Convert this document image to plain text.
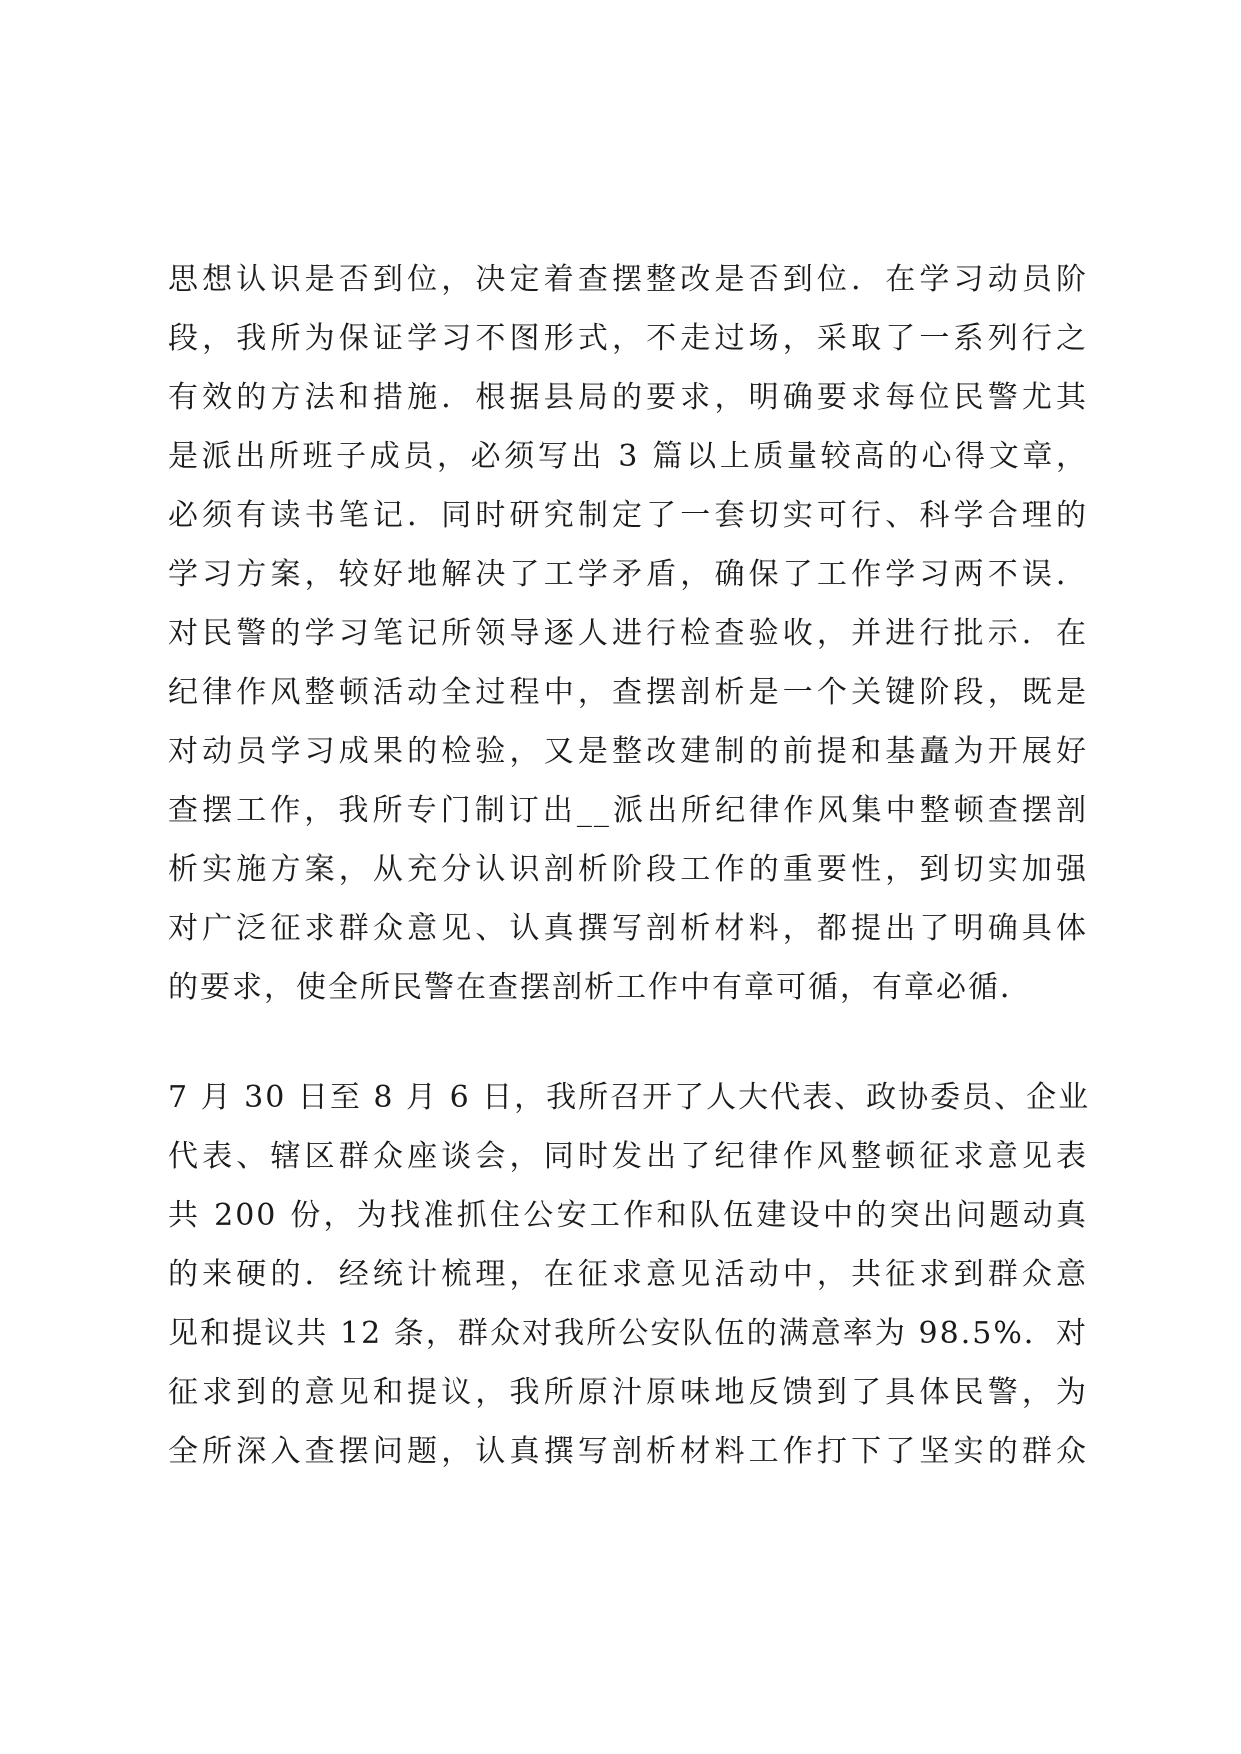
思想认识是否到位，决定着查摆整改是否到位．在学习动员阶
段，我所为保证学习不图形式，不走过场，采取了一系列行之
有效的方法和措施．根据县局的要求，明确要求每位民警尤其
是派出所班子成员，必须写出 3 篇以上质量较高的心得文章，
必须有读书笔记．同时研究制定了一套切实可行、科学合理的
学习方案，较好地解决了工学矛盾，确保了工作学习两不误．
对民警的学习笔记所领导逐人进行检查验收，并进行批示．在
纪律作风整顿活动全过程中，查摆剖析是一个关键阶段，既是
对动员学习成果的检验，又是整改建制的前提和基矗为开展好
查摆工作，我所专门制订出__派出所纪律作风集中整顿查摆剖
析实施方案，从充分认识剖析阶段工作的重要性，到切实加强
对广泛征求群众意见、认真撰写剖析材料，都提出了明确具体
的要求，使全所民警在查摆剖析工作中有章可循，有章必循．
7 月 30 日至 8 月 6 日，我所召开了人大代表、政协委员、企业
代表、辖区群众座谈会，同时发出了纪律作风整顿征求意见表
共 200 份，为找准抓住公安工作和队伍建设中的突出问题动真
的来硬的．经统计梳理，在征求意见活动中，共征求到群众意
见和提议共 12 条，群众对我所公安队伍的满意率为 98.5%．对
征求到的意见和提议，我所原汁原味地反馈到了具体民警，为
全所深入查摆问题，认真撰写剖析材料工作打下了坚实的群众
